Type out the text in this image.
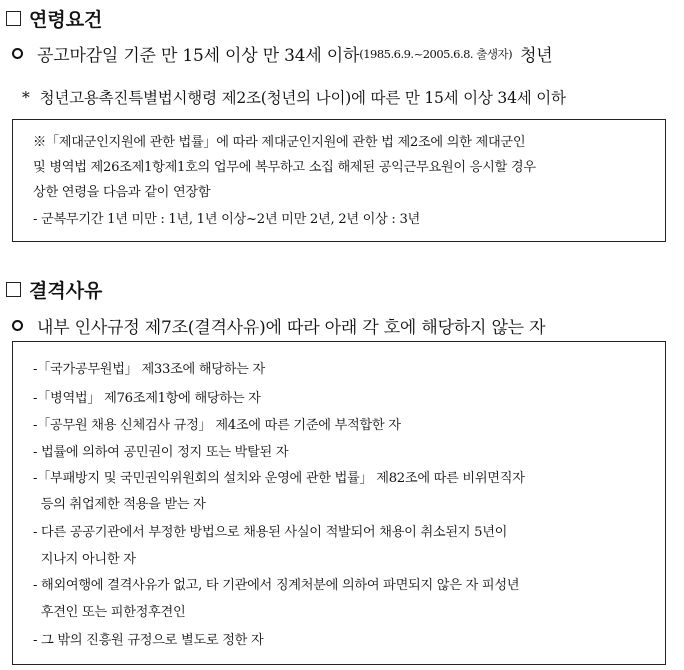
연령요건
공고마감일 기준 만 15세 이상 만 34세 이하 (1985.6.9.~2005.6.8. 출생자) 청년
* 청년고용촉진특별법시행령 제2조(청년의 나이)에 따른 만 15세 이상 34세 이하
※「제대군인지원에 관한 법률」에 따라 제대군인지원에 관한 법 제2조에 의한 제대군인
및 병역법 제26조제1항제1호의 업무에 복무하고 소집 해제된 공익근무요원이 응시할 경우
상한 연령을 다음과 같이 연장함
- 군복무기간 1년 미만 : 1년, 1년 이상~2년 미만 2년, 2년 이상 : 3년
결격사유
내부 인사규정 제7조(결격사유)에 따라 아래 각 호에 해당하지 않는 자
-「국가공무원법」 제33조에 해당하는 자
-「병역법」 제76조제1항에 해당하는 자
-「공무원 채용 신체검사 규정」 제4조에 따른 기준에 부적합한 자
- 법률에 의하여 공민권이 정지 또는 박탈된 자
-「부패방지 및 국민권익위원회의 설치와 운영에 관한 법률」 제82조에 따른 비위면직자
등의 취업제한 적용을 받는 자
- 다른 공공기관에서 부정한 방법으로 채용된 사실이 적발되어 채용이 취소된지 5년이
지나지 아니한 자
- 해외여행에 결격사유가 없고, 타 기관에서 징계처분에 의하여 파면되지 않은 자 피성년
후견인 또는 피한정후견인
- 그 밖의 진흥원 규정으로 별도로 정한 자
